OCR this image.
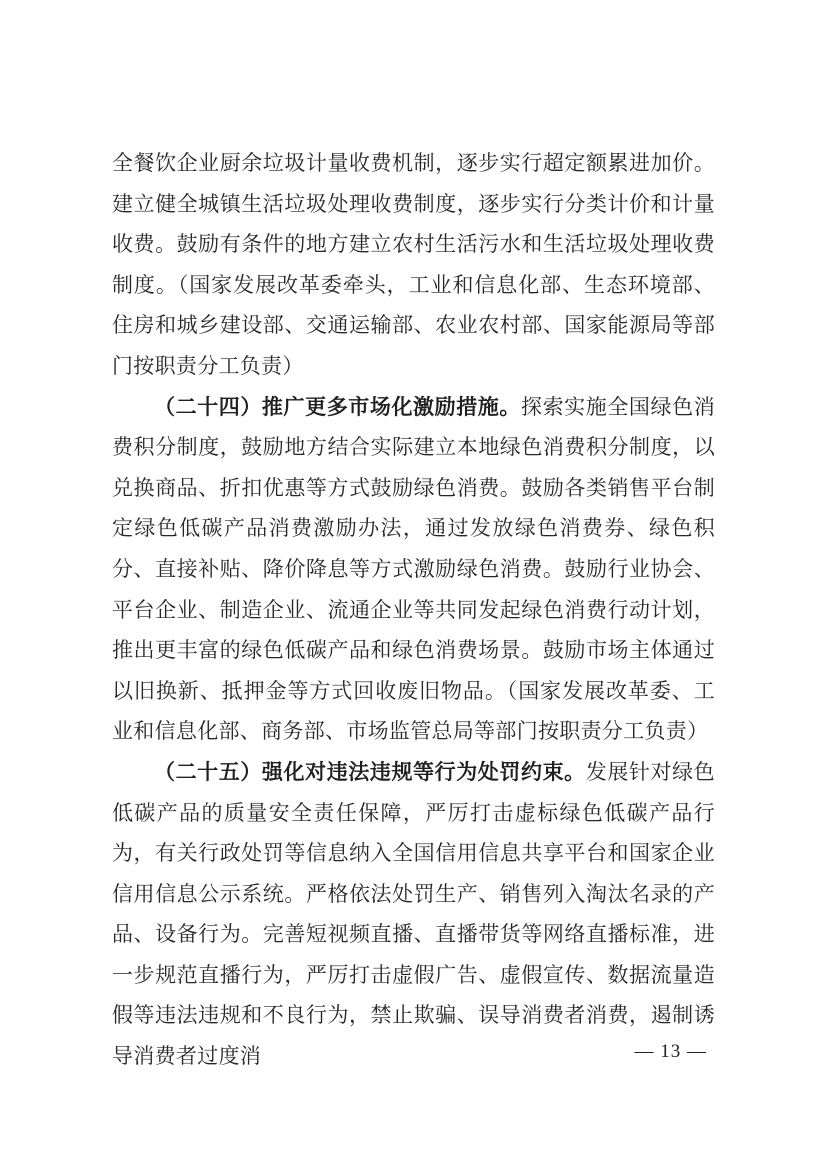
全餐饮企业厨余垃圾计量收费机制，逐步实行超定额累进加价。建立健全城镇生活垃圾处理收费制度，逐步实行分类计价和计量收费。鼓励有条件的地方建立农村生活污水和生活垃圾处理收费制度。（国家发展改革委牵头，工业和信息化部、生态环境部、住房和城乡建设部、交通运输部、农业农村部、国家能源局等部门按职责分工负责）

（二十四）推广更多市场化激励措施。探索实施全国绿色消费积分制度，鼓励地方结合实际建立本地绿色消费积分制度，以兑换商品、折扣优惠等方式鼓励绿色消费。鼓励各类销售平台制定绿色低碳产品消费激励办法，通过发放绿色消费券、绿色积分、直接补贴、降价降息等方式激励绿色消费。鼓励行业协会、平台企业、制造企业、流通企业等共同发起绿色消费行动计划，推出更丰富的绿色低碳产品和绿色消费场景。鼓励市场主体通过以旧换新、抵押金等方式回收废旧物品。（国家发展改革委、工业和信息化部、商务部、市场监管总局等部门按职责分工负责）

（二十五）强化对违法违规等行为处罚约束。发展针对绿色低碳产品的质量安全责任保障，严厉打击虚标绿色低碳产品行为，有关行政处罚等信息纳入全国信用信息共享平台和国家企业信用信息公示系统。严格依法处罚生产、销售列入淘汰名录的产品、设备行为。完善短视频直播、直播带货等网络直播标准，进一步规范直播行为，严厉打击虚假广告、虚假宣传、数据流量造假等违法违规和不良行为，禁止欺骗、误导消费者消费，遏制诱导消费者过度消	— 13 —
